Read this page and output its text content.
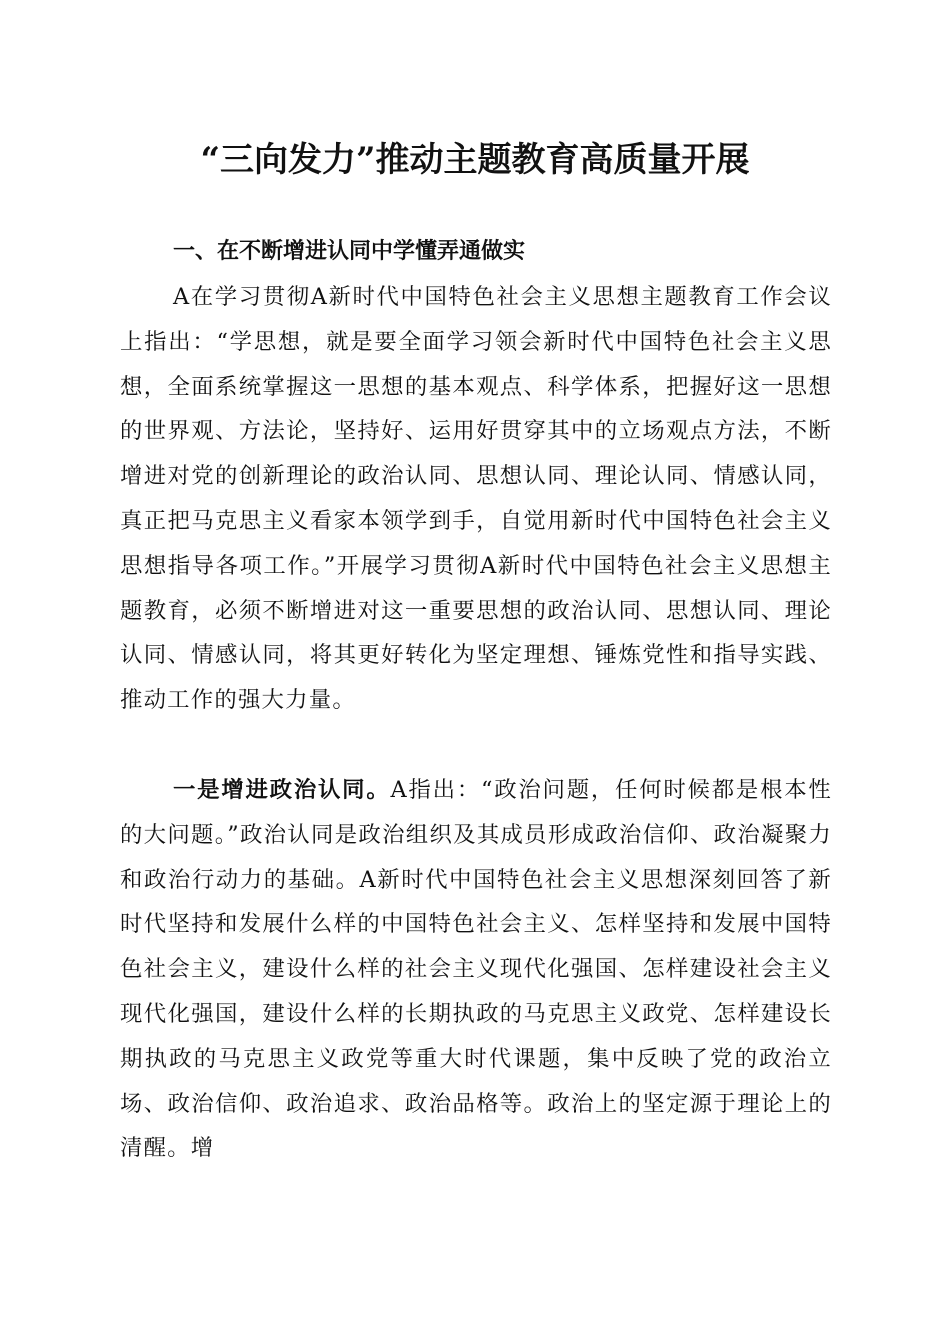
“三向发力”推动主题教育高质量开展
一、在不断增进认同中学懂弄通做实

A在学习贯彻A新时代中国特色社会主义思想主题教育工作会议上指出：“学思想，就是要全面学习领会新时代中国特色社会主义思想，全面系统掌握这一思想的基本观点、科学体系，把握好这一思想的世界观、方法论，坚持好、运用好贯穿其中的立场观点方法，不断增进对党的创新理论的政治认同、思想认同、理论认同、情感认同，真正把马克思主义看家本领学到手，自觉用新时代中国特色社会主义思想指导各项工作。”开展学习贯彻A新时代中国特色社会主义思想主题教育，必须不断增进对这一重要思想的政治认同、思想认同、理论认同、情感认同，将其更好转化为坚定理想、锤炼党性和指导实践、推动工作的强大力量。

一是增进政治认同。A指出：“政治问题，任何时候都是根本性的大问题。”政治认同是政治组织及其成员形成政治信仰、政治凝聚力和政治行动力的基础。A新时代中国特色社会主义思想深刻回答了新时代坚持和发展什么样的中国特色社会主义、怎样坚持和发展中国特色社会主义，建设什么样的社会主义现代化强国、怎样建设社会主义现代化强国，建设什么样的长期执政的马克思主义政党、怎样建设长期执政的马克思主义政党等重大时代课题，集中反映了党的政治立场、政治信仰、政治追求、政治品格等。政治上的坚定源于理论上的清醒。增
